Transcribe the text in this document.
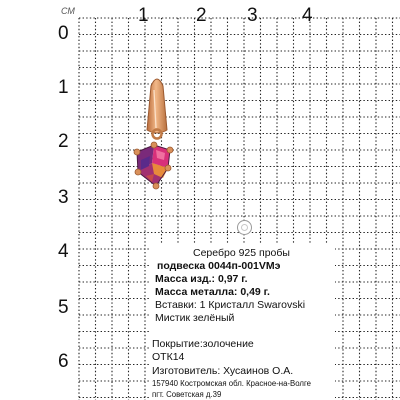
СМ
0
1 2 3 4
1
2
3
4
5
6
Серебро 925 пробы
подвеска 0044п-001VMэ
Масса изд.: 0,97 г.
Масса металла: 0,49 г.
Вставки: 1 Кристалл Swarovski
Мистик зелёный
Покрытие:золочение
ОТК14
Изготовитель: Хусаинов О.А.
157940 Костромская обл. Красное-на-Волге
пгт. Советская д.39
